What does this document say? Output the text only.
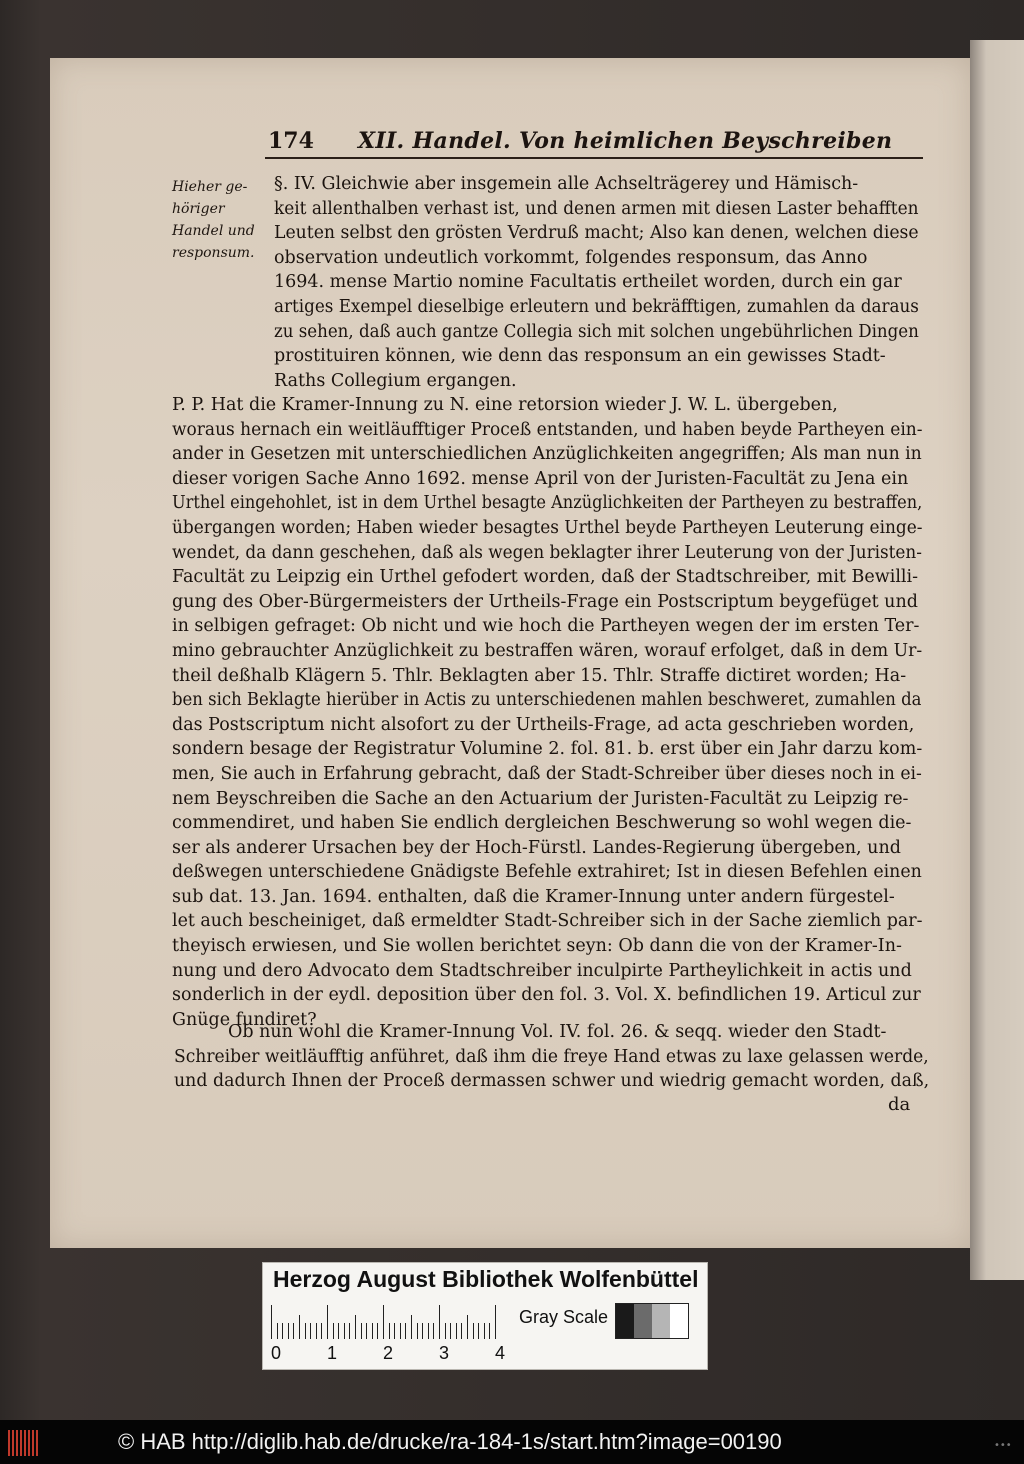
174 XII. Handel. Von heimlichen Beyschreiben
Hieher ge-
höriger
Handel und
responsum.
§. IV. Gleichwie aber insgemein alle Achselträgerey und Hämisch-
keit allenthalben verhast ist, und denen armen mit diesen Laster behafften
Leuten selbst den grösten Verdruß macht; Also kan denen, welchen diese
observation undeutlich vorkommt, folgendes responsum, das Anno
1694. mense Martio nomine Facultatis ertheilet worden, durch ein gar
artiges Exempel dieselbige erleutern und bekräfftigen, zumahlen da daraus
zu sehen, daß auch gantze Collegia sich mit solchen ungebührlichen Dingen
prostituiren können, wie denn das responsum an ein gewisses Stadt-
Raths Collegium ergangen.
P. P. Hat die Kramer-Innung zu N. eine retorsion wieder J. W. L. übergeben,
woraus hernach ein weitläufftiger Proceß entstanden, und haben beyde Partheyen ein-
ander in Gesetzen mit unterschiedlichen Anzüglichkeiten angegriffen; Als man nun in
dieser vorigen Sache Anno 1692. mense April von der Juristen-Facultät zu Jena ein
Urthel eingehohlet, ist in dem Urthel besagte Anzüglichkeiten der Partheyen zu bestraffen,
übergangen worden; Haben wieder besagtes Urthel beyde Partheyen Leuterung einge-
wendet, da dann geschehen, daß als wegen beklagter ihrer Leuterung von der Juristen-
Facultät zu Leipzig ein Urthel gefodert worden, daß der Stadtschreiber, mit Bewilli-
gung des Ober-Bürgermeisters der Urtheils-Frage ein Postscriptum beygefüget und
in selbigen gefraget: Ob nicht und wie hoch die Partheyen wegen der im ersten Ter-
mino gebrauchter Anzüglichkeit zu bestraffen wären, worauf erfolget, daß in dem Ur-
theil deßhalb Klägern 5. Thlr. Beklagten aber 15. Thlr. Straffe dictiret worden; Ha-
ben sich Beklagte hierüber in Actis zu unterschiedenen mahlen beschweret, zumahlen da
das Postscriptum nicht alsofort zu der Urtheils-Frage, ad acta geschrieben worden,
sondern besage der Registratur Volumine 2. fol. 81. b. erst über ein Jahr darzu kom-
men, Sie auch in Erfahrung gebracht, daß der Stadt-Schreiber über dieses noch in ei-
nem Beyschreiben die Sache an den Actuarium der Juristen-Facultät zu Leipzig re-
commendiret, und haben Sie endlich dergleichen Beschwerung so wohl wegen die-
ser als anderer Ursachen bey der Hoch-Fürstl. Landes-Regierung übergeben, und
deßwegen unterschiedene Gnädigste Befehle extrahiret; Ist in diesen Befehlen einen
sub dat. 13. Jan. 1694. enthalten, daß die Kramer-Innung unter andern fürgestel-
let auch bescheiniget, daß ermeldter Stadt-Schreiber sich in der Sache ziemlich par-
theyisch erwiesen, und Sie wollen berichtet seyn: Ob dann die von der Kramer-In-
nung und dero Advocato dem Stadtschreiber inculpirte Partheylichkeit in actis und
sonderlich in der eydl. deposition über den fol. 3. Vol. X. befindlichen 19. Articul zur
Gnüge fundiret?
Ob nun wohl die Kramer-Innung Vol. IV. fol. 26. & seqq. wieder den Stadt-
Schreiber weitläufftig anführet, daß ihm die freye Hand etwas zu laxe gelassen werde,
und dadurch Ihnen der Proceß dermassen schwer und wiedrig gemacht worden, daß,
da
Herzog August Bibliothek Wolfenbüttel
0	1	2	3	4
Gray Scale
© HAB http://diglib.hab.de/drucke/ra-184-1s/start.htm?image=00190	•••
